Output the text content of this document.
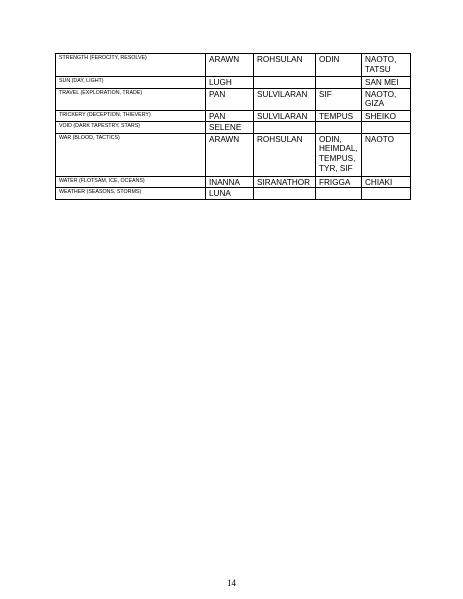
STRENGTH (FEROCITY, RESOLVE)	ARAWN	ROHSULAN	ODIN	NAOTO, TATSU
SUN (DAY, LIGHT)	LUGH			SAN MEI
TRAVEL (EXPLORATION, TRADE)	PAN	SULVILARAN	SIF	NAOTO, GIZA
TRICKERY (DECEPTION, THIEVERY)	PAN	SULVILARAN	TEMPUS	SHEIKO
VOID (DARK TAPESTRY, STARS)	SELENE			
WAR (BLOOD, TACTICS)	ARAWN	ROHSULAN	ODIN, HEIMDAL, TEMPUS, TYR, SIF	NAOTO
WATER (FLOTSAM, ICE, OCEANS)	INANNA	SIRANATHOR	FRIGGA	CHIAKI
WEATHER (SEASONS, STORMS)	LUNA			
14
